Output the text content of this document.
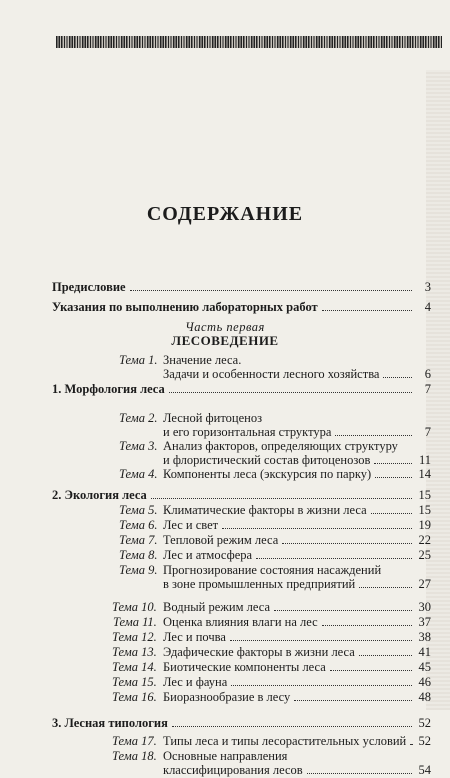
СОДЕРЖАНИЕ
Предисловие	3
Указания по выполнению лабораторных работ	4
Часть первая
ЛЕСОВЕДЕНИЕ
Тема 1. Значение леса.
Задачи и особенности лесного хозяйства	6
1. Морфология леса	7
Тема 2. Лесной фитоценоз
и его горизонтальная структура	7
Тема 3. Анализ факторов, определяющих структуру
и флористический состав фитоценозов	11
Тема 4. Компоненты леса (экскурсия по парку)	14
2. Экология леса	15
Тема 5. Климатические факторы в жизни леса	15
Тема 6. Лес и свет	19
Тема 7. Тепловой режим леса	22
Тема 8. Лес и атмосфера	25
Тема 9. Прогнозирование состояния насаждений
в зоне промышленных предприятий	27
Тема 10. Водный режим леса	30
Тема 11. Оценка влияния влаги на лес	37
Тема 12. Лес и почва	38
Тема 13. Эдафические факторы в жизни леса	41
Тема 14. Биотические компоненты леса	45
Тема 15. Лес и фауна	46
Тема 16. Биоразнообразие в лесу	48
3. Лесная типология	52
Тема 17. Типы леса и типы лесорастительных условий 52
Тема 18. Основные направления
классифицирования лесов	54
